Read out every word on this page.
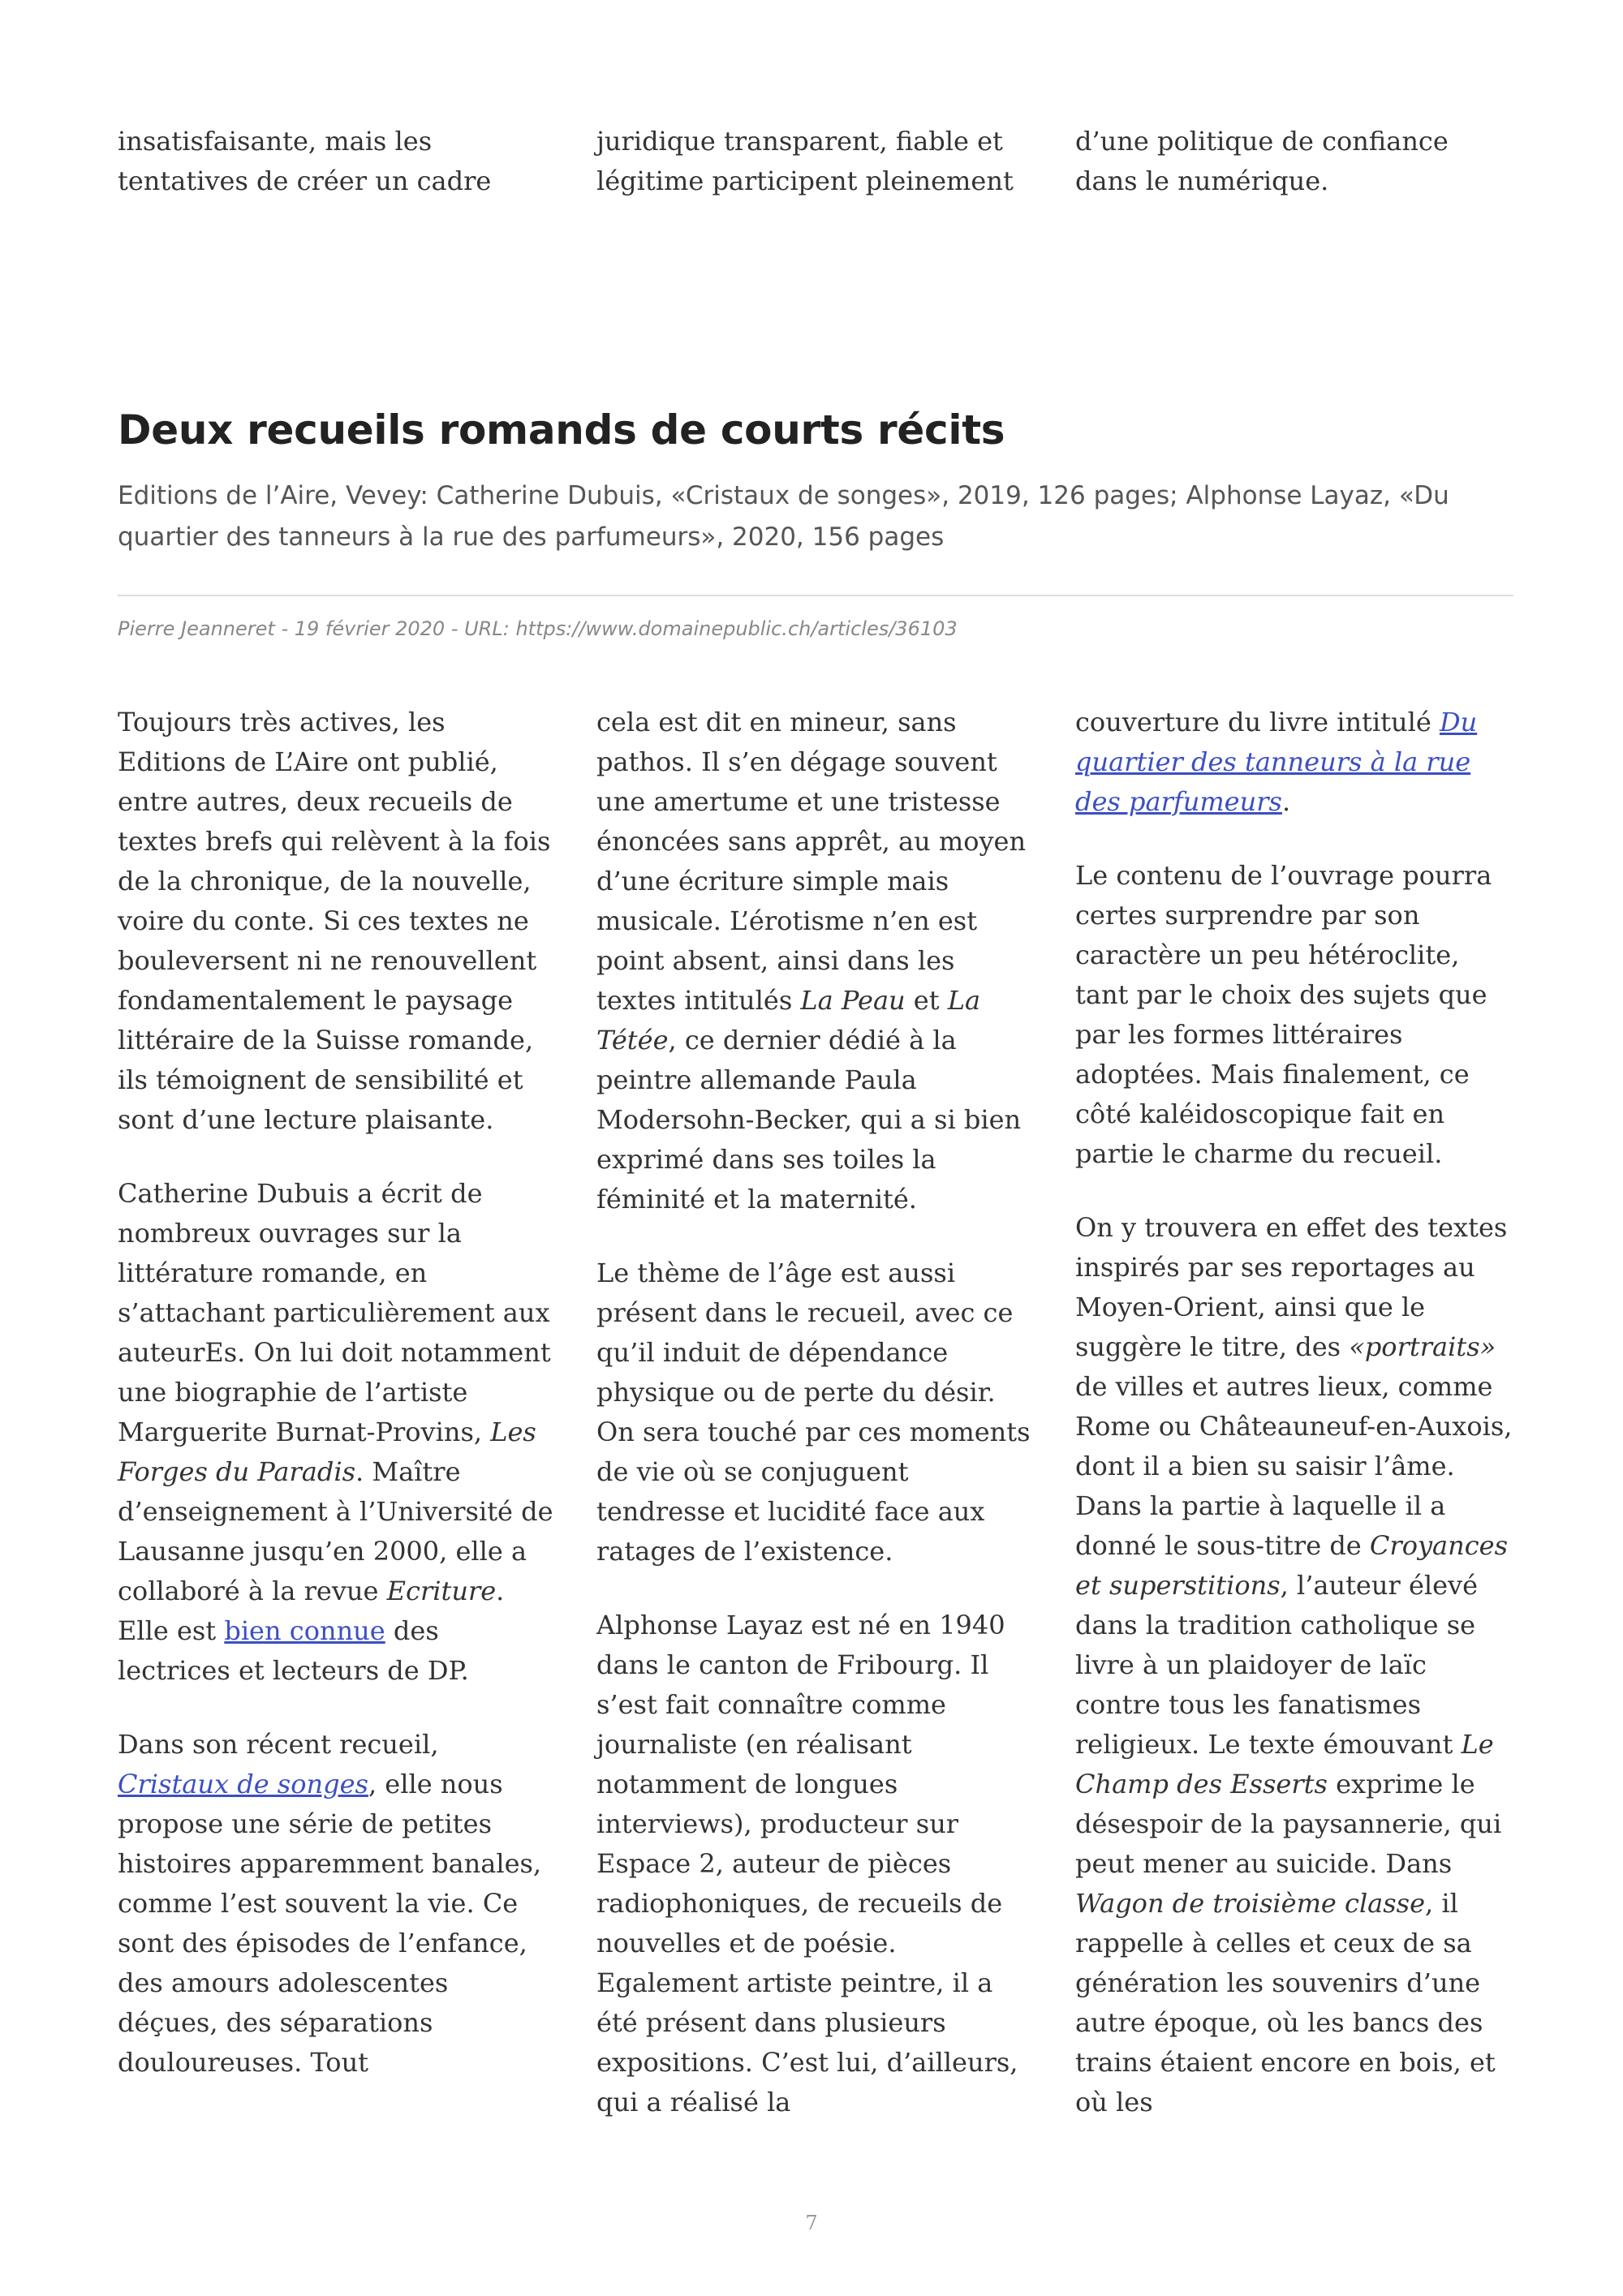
insatisfaisante, mais les tentatives de créer un cadre

juridique transparent, fiable et légitime participent pleinement

d’une politique de confiance dans le numérique.

Deux recueils romands de courts récits

Editions de l’Aire, Vevey: Catherine Dubuis, «Cristaux de songes», 2019, 126 pages; Alphonse Layaz, «Du quartier des tanneurs à la rue des parfumeurs», 2020, 156 pages

Pierre Jeanneret - 19 février 2020 - URL: https://www.domainepublic.ch/articles/36103

Toujours très actives, les Editions de L’Aire ont publié, entre autres, deux recueils de textes brefs qui relèvent à la fois de la chronique, de la nouvelle, voire du conte. Si ces textes ne bouleversent ni ne renouvellent fondamentalement le paysage littéraire de la Suisse romande, ils témoignent de sensibilité et sont d’une lecture plaisante.

Catherine Dubuis a écrit de nombreux ouvrages sur la littérature romande, en s’attachant particulièrement aux auteurEs. On lui doit notamment une biographie de l’artiste Marguerite Burnat-Provins, Les Forges du Paradis. Maître d’enseignement à l’Université de Lausanne jusqu’en 2000, elle a collaboré à la revue Ecriture. Elle est bien connue des lectrices et lecteurs de DP.

Dans son récent recueil, Cristaux de songes, elle nous propose une série de petites histoires apparemment banales, comme l’est souvent la vie. Ce sont des épisodes de l’enfance, des amours adolescentes déçues, des séparations douloureuses. Tout

cela est dit en mineur, sans pathos. Il s’en dégage souvent une amertume et une tristesse énoncées sans apprêt, au moyen d’une écriture simple mais musicale. L’érotisme n’en est point absent, ainsi dans les textes intitulés La Peau et La Tétée, ce dernier dédié à la peintre allemande Paula Modersohn-Becker, qui a si bien exprimé dans ses toiles la féminité et la maternité.

Le thème de l’âge est aussi présent dans le recueil, avec ce qu’il induit de dépendance physique ou de perte du désir. On sera touché par ces moments de vie où se conjuguent tendresse et lucidité face aux ratages de l’existence.

Alphonse Layaz est né en 1940 dans le canton de Fribourg. Il s’est fait connaître comme journaliste (en réalisant notamment de longues interviews), producteur sur Espace 2, auteur de pièces radiophoniques, de recueils de nouvelles et de poésie. Egalement artiste peintre, il a été présent dans plusieurs expositions. C’est lui, d’ailleurs, qui a réalisé la

couverture du livre intitulé Du quartier des tanneurs à la rue des parfumeurs.

Le contenu de l’ouvrage pourra certes surprendre par son caractère un peu hétéroclite, tant par le choix des sujets que par les formes littéraires adoptées. Mais finalement, ce côté kaléidoscopique fait en partie le charme du recueil.

On y trouvera en effet des textes inspirés par ses reportages au Moyen-Orient, ainsi que le suggère le titre, des «portraits» de villes et autres lieux, comme Rome ou Châteauneuf-en-Auxois, dont il a bien su saisir l’âme. Dans la partie à laquelle il a donné le sous-titre de Croyances et superstitions, l’auteur élevé dans la tradition catholique se livre à un plaidoyer de laïc contre tous les fanatismes religieux. Le texte émouvant Le Champ des Esserts exprime le désespoir de la paysannerie, qui peut mener au suicide. Dans Wagon de troisième classe, il rappelle à celles et ceux de sa génération les souvenirs d’une autre époque, où les bancs des trains étaient encore en bois, et où les

7
